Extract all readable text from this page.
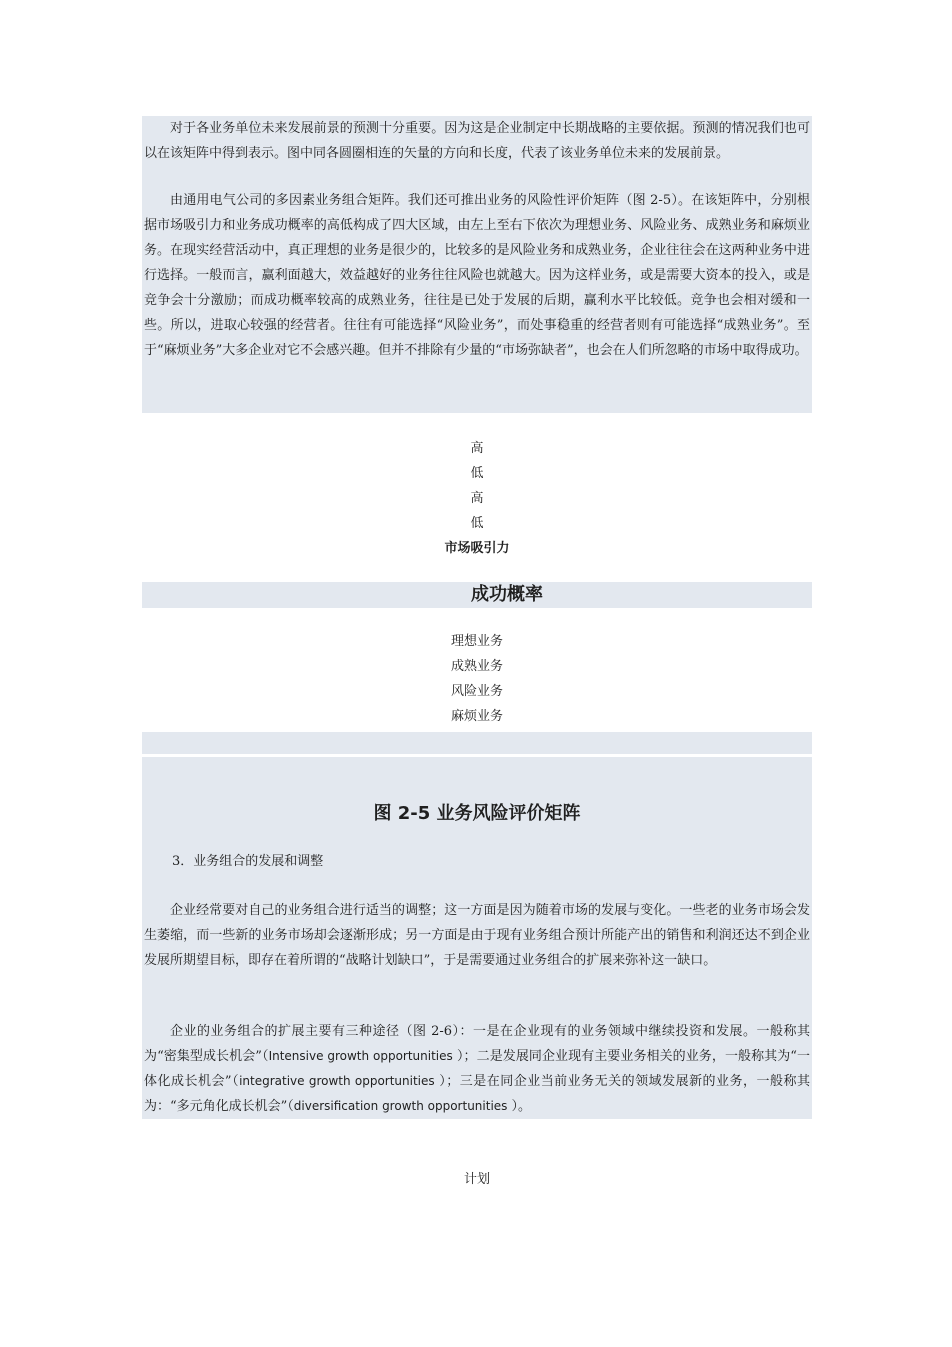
对于各业务单位未来发展前景的预测十分重要。因为这是企业制定中长期战略的主要依据。预测的情况我们也可以在该矩阵中得到表示。图中同各圆圈相连的矢量的方向和长度，代表了该业务单位未来的发展前景。

由通用电气公司的多因素业务组合矩阵。我们还可推出业务的风险性评价矩阵（图 2-5）。在该矩阵中，分别根据市场吸引力和业务成功概率的高低构成了四大区域，由左上至右下依次为理想业务、风险业务、成熟业务和麻烦业务。在现实经营活动中，真正理想的业务是很少的，比较多的是风险业务和成熟业务，企业往往会在这两种业务中进行选择。一般而言，赢利面越大，效益越好的业务往往风险也就越大。因为这样业务，或是需要大资本的投入，或是竞争会十分激励；而成功概率较高的成熟业务，往往是已处于发展的后期，赢利水平比较低。竞争也会相对缓和一些。所以，进取心较强的经营者。往往有可能选择“风险业务”，而处事稳重的经营者则有可能选择“成熟业务”。至于“麻烦业务”大多企业对它不会感兴趣。但并不排除有少量的“市场弥缺者”，也会在人们所忽略的市场中取得成功。

高
低
高
低
市场吸引力
成功概率
理想业务
成熟业务
风险业务
麻烦业务
图 2-5 业务风险评价矩阵
3．业务组合的发展和调整

企业经常要对自己的业务组合进行适当的调整；这一方面是因为随着市场的发展与变化。一些老的业务市场会发生萎缩，而一些新的业务市场却会逐渐形成；另一方面是由于现有业务组合预计所能产出的销售和利润还达不到企业发展所期望目标，即存在着所谓的“战略计划缺口”，于是需要通过业务组合的扩展来弥补这一缺口。

企业的业务组合的扩展主要有三种途径（图 2-6）：一是在企业现有的业务领域中继续投资和发展。一般称其为“密集型成长机会”（Intensive growth opportunities ）；二是发展同企业现有主要业务相关的业务，一般称其为“一体化成长机会”（integrative growth opportunities ）；三是在同企业当前业务无关的领域发展新的业务，一般称其为：“多元角化成长机会”（diversification growth opportunities ）。

计划
